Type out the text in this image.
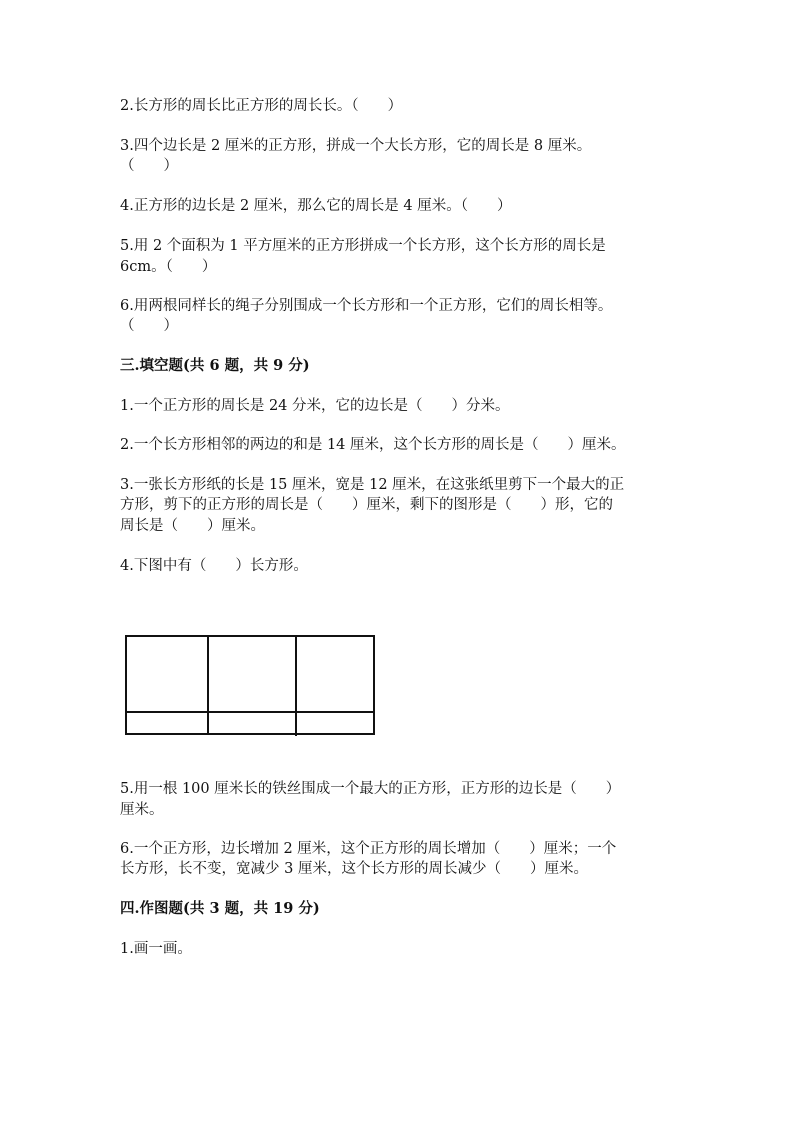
2.长方形的周长比正方形的周长长。（　　）
3.四个边长是 2 厘米的正方形，拼成一个大长方形，它的周长是 8 厘米。
（　　）
4.正方形的边长是 2 厘米，那么它的周长是 4 厘米。（　　）
5.用 2 个面积为 1 平方厘米的正方形拼成一个长方形，这个长方形的周长是
6cm。（　　）
6.用两根同样长的绳子分别围成一个长方形和一个正方形，它们的周长相等。
（　　）
三.填空题(共 6 题，共 9 分)
1.一个正方形的周长是 24 分米，它的边长是（　　）分米。
2.一个长方形相邻的两边的和是 14 厘米，这个长方形的周长是（　　）厘米。
3.一张长方形纸的长是 15 厘米，宽是 12 厘米，在这张纸里剪下一个最大的正
方形，剪下的正方形的周长是（　　）厘米，剩下的图形是（　　）形，它的
周长是（　　）厘米。
4.下图中有（　　）长方形。
5.用一根 100 厘米长的铁丝围成一个最大的正方形，正方形的边长是（　　）
厘米。
6.一个正方形，边长增加 2 厘米，这个正方形的周长增加（　　）厘米；一个
长方形，长不变，宽减少 3 厘米，这个长方形的周长减少（　　）厘米。
四.作图题(共 3 题，共 19 分)
1.画一画。
